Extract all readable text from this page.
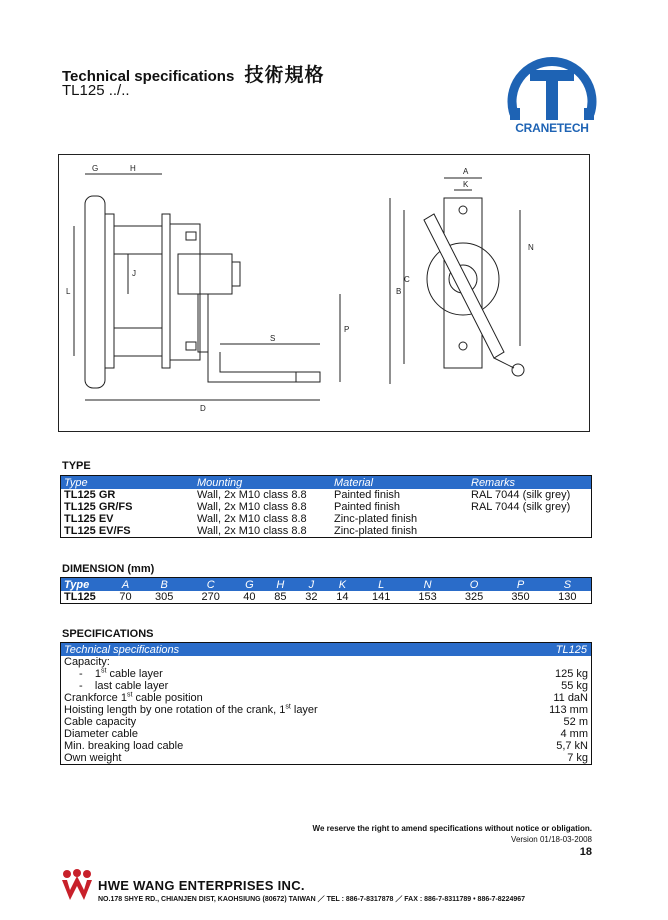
Technical specifications 技術規格
TL125 ../..
CRANETECH
G	H
J
L
D
P
S
A
K
N
B
C
TYPE
Type	Mounting	Material	Remarks
TL125 GR	Wall, 2x M10 class 8.8	Painted finish	RAL 7044 (silk grey)
TL125 GR/FS	Wall, 2x M10 class 8.8	Painted finish	RAL 7044 (silk grey)
TL125 EV	Wall, 2x M10 class 8.8	Zinc-plated finish	
TL125 EV/FS	Wall, 2x M10 class 8.8	Zinc-plated finish	
DIMENSION (mm)
Type	A	B	C	G	H	J	K	L	N	O	P	S
TL125	70	305	270	40	85	32	14	141	153	325	350	130
SPECIFICATIONS
Technical specifications	TL125
Capacity:	
- 1st cable layer	125 kg
- last cable layer	55 kg
Crankforce 1st cable position	11 daN
Hoisting length by one rotation of the crank, 1st layer	113 mm
Cable capacity	52 m
Diameter cable	4 mm
Min. breaking load cable	5,7 kN
Own weight	7 kg
We reserve the right to amend specifications without notice or obligation.
Version 01/18-03-2008
18
HWE WANG ENTERPRISES INC.
NO.178 SHYE RD., CHIANJEN DIST, KAOHSIUNG (80672) TAIWAN ／ TEL : 886-7-8317878 ／ FAX : 886-7-8311789 • 886-7-8224967
